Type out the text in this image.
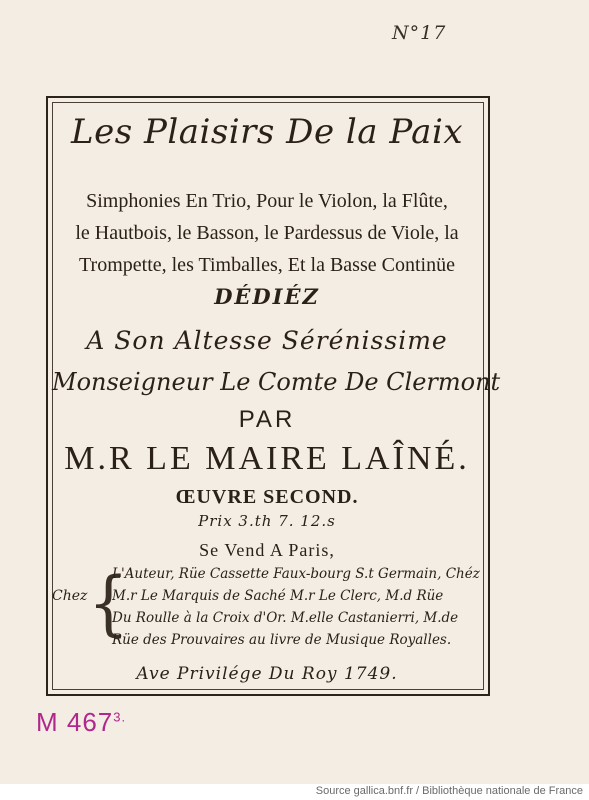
N°17
Les Plaisirs De la Paix
Simphonies En Trio, Pour le Violon, la Flûte,
le Hautbois, le Basson, le Pardessus de Viole, la
Trompette, les Timballes, Et la Basse Continüe
DÉDIÉZ
A Son Altesse Sérénissime
Monseigneur Le Comte De Clermont
PAR
M.R LE MAIRE LAÎNÉ.
ŒUVRE SECOND.
Prix 3.th 7. 12.s
Se Vend A Paris,
Chez {
L'Auteur, Rüe Cassette Faux-bourg S.t Germain, Chéz
M.r Le Marquis de Saché M.r Le Clerc, M.d Rüe
Du Roulle à la Croix d'Or. M.elle Castanierri, M.de
Rüe des Prouvaires au livre de Musique Royalles.
Ave Privilége Du Roy 1749.
M $467^{3.}$
Source gallica.bnf.fr / Bibliothèque nationale de France
